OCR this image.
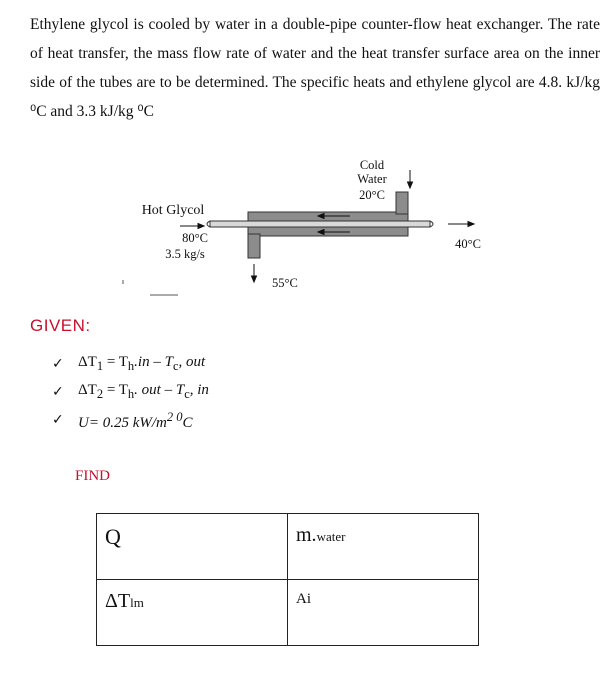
Ethylene glycol is cooled by water in a double-pipe counter-flow heat exchanger. The rate of heat transfer, the mass flow rate of water and the heat transfer surface area on the inner side of the tubes are to be determined. The specific heats and ethylene glycol are 4.8. kJ/kg ⁰C and 3.3 kJ/kg ⁰C

Cold
Water
20°C
Hot Glycol
80°C
3.5 kg/s
40°C
55°C
GIVEN:
✓ $\Delta T_1 = T_h.in - T_c$, out
✓ $\Delta T_2 = T_h$. out – $T_c$, in
✓ U= 0.25 $kW/m^{2 0}C$
FIND
Q	m.water
ΔTlm	Ai
